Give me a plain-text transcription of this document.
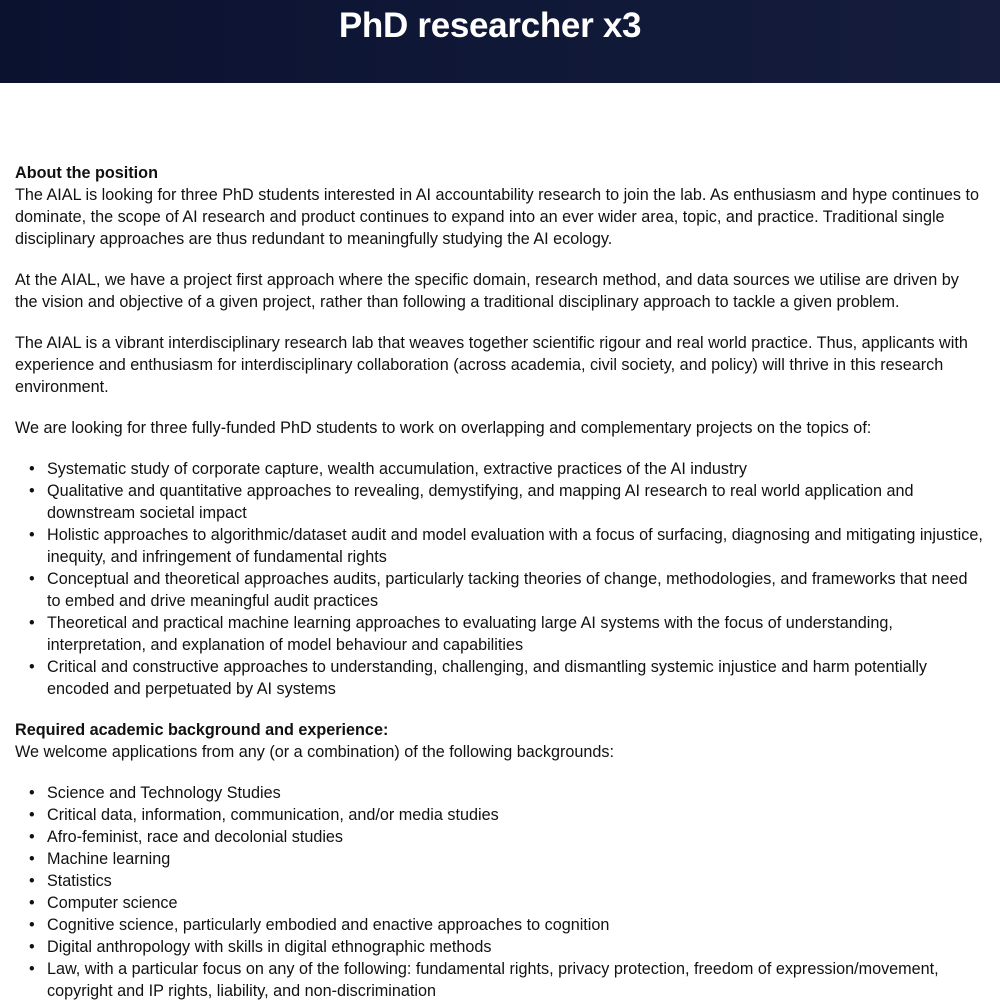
PhD researcher x3

About the position
The AIAL is looking for three PhD students interested in AI accountability research to join the lab. As enthusiasm and hype continues to dominate, the scope of AI research and product continues to expand into an ever wider area, topic, and practice. Traditional single disciplinary approaches are thus redundant to meaningfully studying the AI ecology.

At the AIAL, we have a project first approach where the specific domain, research method, and data sources we utilise are driven by the vision and objective of a given project, rather than following a traditional disciplinary approach to tackle a given problem.

The AIAL is a vibrant interdisciplinary research lab that weaves together scientific rigour and real world practice. Thus, applicants with experience and enthusiasm for interdisciplinary collaboration (across academia, civil society, and policy) will thrive in this research environment.

We are looking for three fully-funded PhD students to work on overlapping and complementary projects on the topics of:

• Systematic study of corporate capture, wealth accumulation, extractive practices of the AI industry
• Qualitative and quantitative approaches to revealing, demystifying, and mapping AI research to real world application and downstream societal impact
• Holistic approaches to algorithmic/dataset audit and model evaluation with a focus of surfacing, diagnosing and mitigating injustice, inequity, and infringement of fundamental rights
• Conceptual and theoretical approaches audits, particularly tacking theories of change, methodologies, and frameworks that need to embed and drive meaningful audit practices
• Theoretical and practical machine learning approaches to evaluating large AI systems with the focus of understanding, interpretation, and explanation of model behaviour and capabilities
• Critical and constructive approaches to understanding, challenging, and dismantling systemic injustice and harm potentially encoded and perpetuated by AI systems

Required academic background and experience:
We welcome applications from any (or a combination) of the following backgrounds:

• Science and Technology Studies
• Critical data, information, communication, and/or media studies
• Afro-feminist, race and decolonial studies
• Machine learning
• Statistics
• Computer science
• Cognitive science, particularly embodied and enactive approaches to cognition
• Digital anthropology with skills in digital ethnographic methods
• Law, with a particular focus on any of the following: fundamental rights, privacy protection, freedom of expression/movement, copyright and IP rights, liability, and non-discrimination
